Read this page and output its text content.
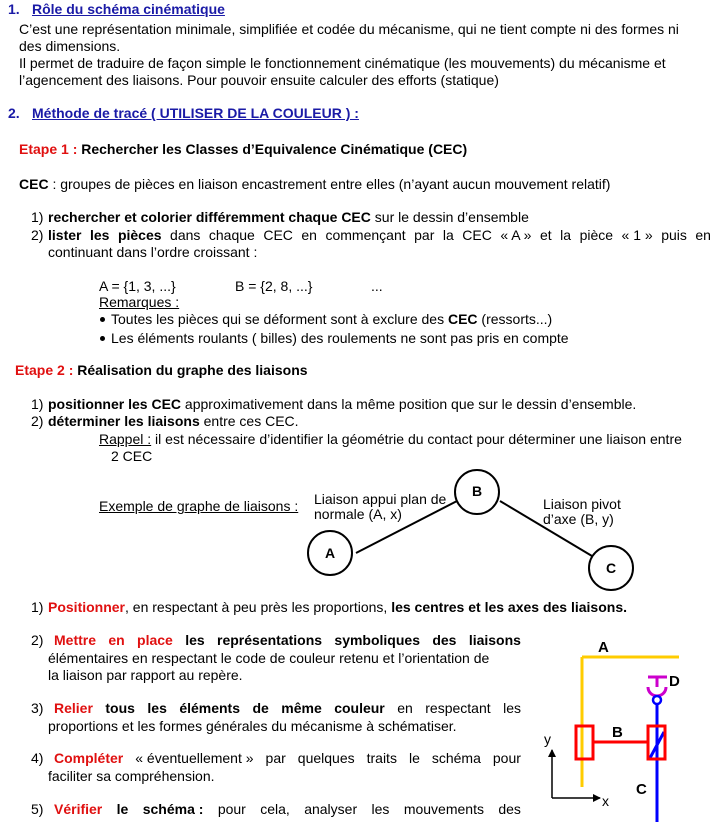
1. Rôle du schéma cinématique
C’est une représentation minimale, simplifiée et codée du mécanisme, qui ne tient compte ni des formes ni
des dimensions.
Il permet de traduire de façon simple le fonctionnement cinématique (les mouvements) du mécanisme et
l’agencement des liaisons. Pour pouvoir ensuite calculer des efforts (statique)
2. Méthode de tracé ( UTILISER DE LA COULEUR ) :
Etape 1 : Rechercher les Classes d’Equivalence Cinématique (CEC)
CEC : groupes de pièces en liaison encastrement entre elles (n’ayant aucun mouvement relatif)
1) rechercher et colorier différemment chaque CEC sur le dessin d’ensemble
2) lister les pièces dans chaque CEC en commençant par la CEC « A » et la pièce « 1 » puis en
continuant dans l’ordre croissant :
A = {1, 3, ...}	B = {2, 8, ...}	...
Remarques :
Toutes les pièces qui se déforment sont à exclure des CEC (ressorts...)
Les éléments roulants ( billes) des roulements ne sont pas pris en compte
Etape 2 : Réalisation du graphe des liaisons
1) positionner les CEC approximativement dans la même position que sur le dessin d’ensemble.
2) déterminer les liaisons entre ces CEC.
Rappel : il est nécessaire d’identifier la géométrie du contact pour déterminer une liaison entre
2 CEC
Exemple de graphe de liaisons :
A
B
C
Liaison appui plan de
normale (A, x)
Liaison pivot
d’axe (B, y)
1) Positionner, en respectant à peu près les proportions, les centres et les axes des liaisons.
2) Mettre en place les représentations symboliques des liaisons
élémentaires en respectant le code de couleur retenu et l’orientation de
la liaison par rapport au repère.
3) Relier tous les éléments de même couleur en respectant les
proportions et les formes générales du mécanisme à schématiser.
4) Compléter « éventuellement » par quelques traits le schéma pour
faciliter sa compréhension.
5) Vérifier le schéma : pour cela, analyser les mouvements des
A
D
B
C
y
x
